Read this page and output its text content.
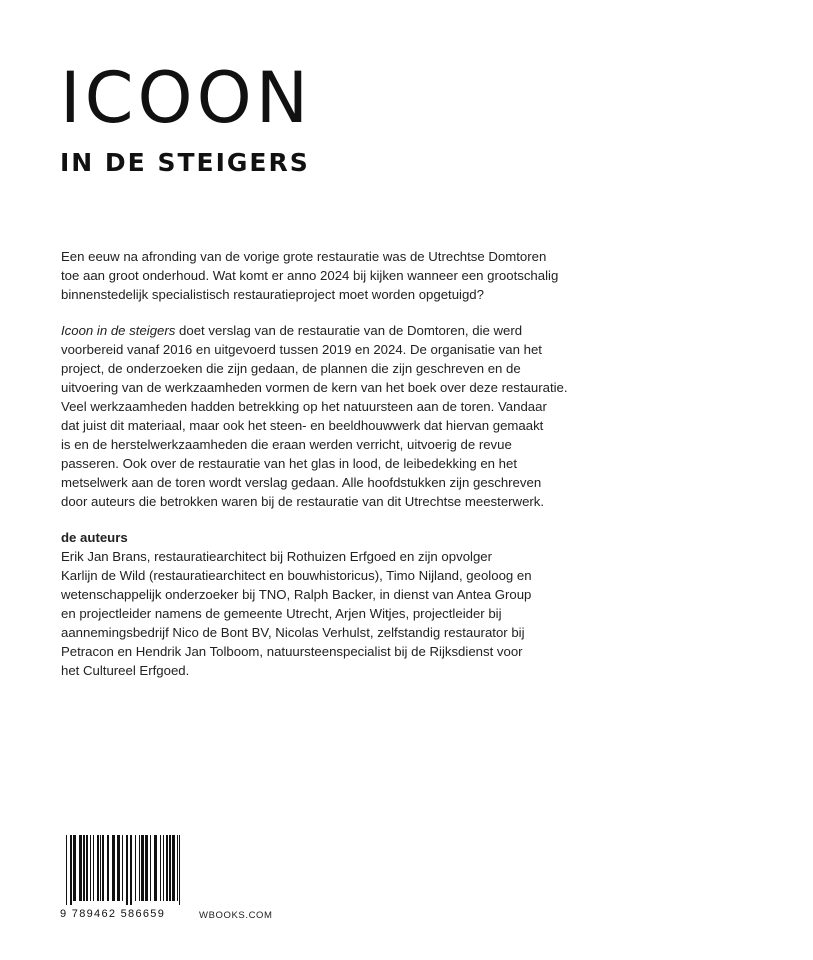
ICOON
IN DE STEIGERS
Een eeuw na afronding van de vorige grote restauratie was de Utrechtse Domtoren
toe aan groot onderhoud. Wat komt er anno 2024 bij kijken wanneer een grootschalig
binnenstedelijk specialistisch restauratieproject moet worden opgetuigd?
Icoon in de steigers doet verslag van de restauratie van de Domtoren, die werd
voorbereid vanaf 2016 en uitgevoerd tussen 2019 en 2024. De organisatie van het
project, de onderzoeken die zijn gedaan, de plannen die zijn geschreven en de
uitvoering van de werkzaamheden vormen de kern van het boek over deze restauratie.
Veel werkzaamheden hadden betrekking op het natuursteen aan de toren. Vandaar
dat juist dit materiaal, maar ook het steen- en beeldhouwwerk dat hiervan gemaakt
is en de herstelwerkzaamheden die eraan werden verricht, uitvoerig de revue
passeren. Ook over de restauratie van het glas in lood, de leibedekking en het
metselwerk aan de toren wordt verslag gedaan. Alle hoofdstukken zijn geschreven
door auteurs die betrokken waren bij de restauratie van dit Utrechtse meesterwerk.
de auteurs
Erik Jan Brans, restauratiearchitect bij Rothuizen Erfgoed en zijn opvolger
Karlijn de Wild (restauratiearchitect en bouwhistoricus), Timo Nijland, geoloog en
wetenschappelijk onderzoeker bij TNO, Ralph Backer, in dienst van Antea Group
en projectleider namens de gemeente Utrecht, Arjen Witjes, projectleider bij
aannemingsbedrijf Nico de Bont BV, Nicolas Verhulst, zelfstandig restaurator bij
Petracon en Hendrik Jan Tolboom, natuursteenspecialist bij de Rijksdienst voor
het Cultureel Erfgoed.
9 789462 586659	WBOOKS.COM
